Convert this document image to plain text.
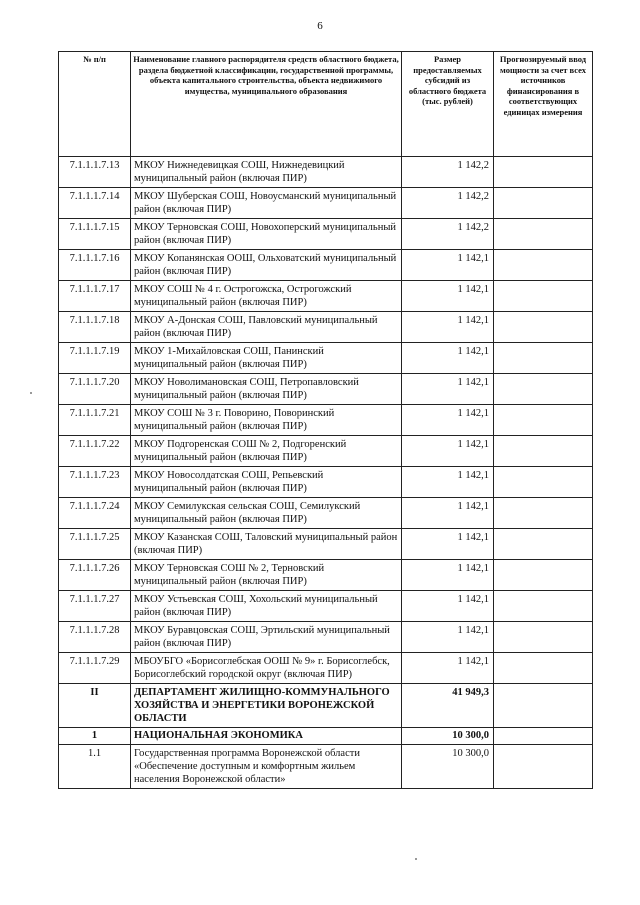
6
№ п/п	Наименование главного распорядителя средств областного бюджета, раздела бюджетной классификации, государственной программы, объекта капитального строительства, объекта недвижимого имущества, муниципального образования	Размер предоставляемых субсидий из областного бюджета (тыс. рублей)	Прогнозируемый ввод мощности за счет всех источников финансирования в соответствующих единицах измерения
7.1.1.1.7.13	МКОУ Нижнедевицкая СОШ, Нижнедевицкий муниципальный район (включая ПИР)	1 142,2	
7.1.1.1.7.14	МКОУ Шуберская СОШ, Новоусманский муниципальный район (включая ПИР)	1 142,2	
7.1.1.1.7.15	МКОУ Терновская СОШ, Новохоперский муниципальный район (включая ПИР)	1 142,2	
7.1.1.1.7.16	МКОУ Копанянская ООШ, Ольховатский муниципальный район (включая ПИР)	1 142,1	
7.1.1.1.7.17	МКОУ СОШ № 4 г. Острогожска, Острогожский муниципальный район (включая ПИР)	1 142,1	
7.1.1.1.7.18	МКОУ А-Донская СОШ, Павловский муниципальный район (включая ПИР)	1 142,1	
7.1.1.1.7.19	МКОУ 1-Михайловская СОШ, Панинский муниципальный район (включая ПИР)	1 142,1	
7.1.1.1.7.20	МКОУ Новолимановская СОШ, Петропавловский муниципальный район (включая ПИР)	1 142,1	
7.1.1.1.7.21	МКОУ СОШ № 3 г. Поворино, Поворинский муниципальный район (включая ПИР)	1 142,1	
7.1.1.1.7.22	МКОУ Подгоренская СОШ № 2, Подгоренский муниципальный район (включая ПИР)	1 142,1	
7.1.1.1.7.23	МКОУ Новосолдатская СОШ, Репьевский муниципальный район (включая ПИР)	1 142,1	
7.1.1.1.7.24	МКОУ Семилукская сельская СОШ, Семилукский муниципальный район (включая ПИР)	1 142,1	
7.1.1.1.7.25	МКОУ Казанская СОШ, Таловский муниципальный район (включая ПИР)	1 142,1	
7.1.1.1.7.26	МКОУ Терновская СОШ № 2, Терновский муниципальный район (включая ПИР)	1 142,1	
7.1.1.1.7.27	МКОУ Устьевская СОШ, Хохольский муниципальный район (включая ПИР)	1 142,1	
7.1.1.1.7.28	МКОУ Буравцовская СОШ, Эртильский муниципальный район (включая ПИР)	1 142,1	
7.1.1.1.7.29	МБОУБГО «Борисоглебская ООШ № 9» г. Борисоглебск, Борисоглебский городской округ (включая ПИР)	1 142,1	
II	ДЕПАРТАМЕНТ ЖИЛИЩНО-КОММУНАЛЬНОГО ХОЗЯЙСТВА И ЭНЕРГЕТИКИ ВОРОНЕЖСКОЙ ОБЛАСТИ	41 949,3	
1	НАЦИОНАЛЬНАЯ ЭКОНОМИКА	10 300,0	
1.1	Государственная программа Воронежской области «Обеспечение доступным и комфортным жильем населения Воронежской области»	10 300,0	
